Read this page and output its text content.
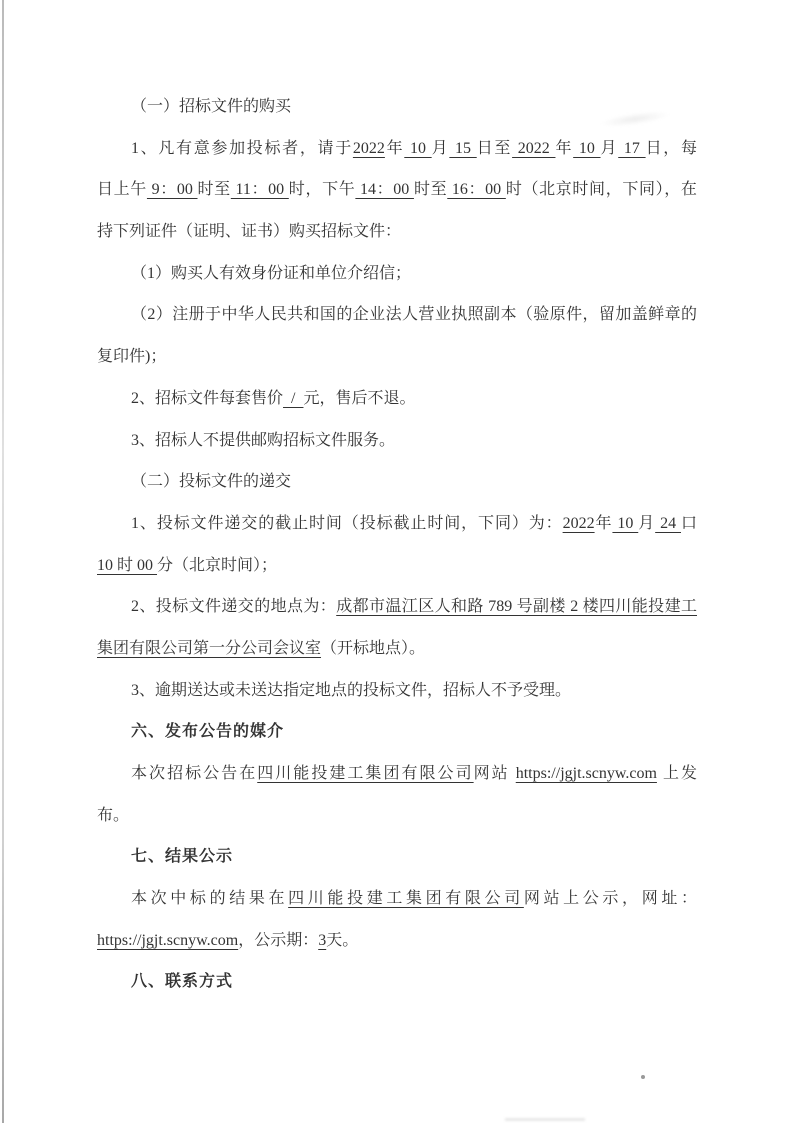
（一）招标文件的购买
1、凡有意参加投标者，请于2022年 10 月 15 日至 2022 年 10 月 17 日，每
日上午 9：00 时至 11：00 时，下午 14：00 时至 16：00 时（北京时间，下同），在
持下列证件（证明、证书）购买招标文件：
（1）购买人有效身份证和单位介绍信；
（2）注册于中华人民共和国的企业法人营业执照副本（验原件，留加盖鲜章的
复印件)；
2、招标文件每套售价  /  元，售后不退。
3、招标人不提供邮购招标文件服务。
（二）投标文件的递交
1、投标文件递交的截止时间（投标截止时间，下同）为：2022年 10 月 24 口
10 时 00 分（北京时间）；
2、投标文件递交的地点为：成都市温江区人和路 789 号副楼 2 楼四川能投建工
集团有限公司第一分公司会议室（开标地点）。
3、逾期送达或未送达指定地点的投标文件，招标人不予受理。
六、发布公告的媒介
本次招标公告在四川能投建工集团有限公司网站 https://jgjt.scnyw.com 上发
布。
七、结果公示
本次中标的结果在四川能投建工集团有限公司网站上公示，网址：
https://jgjt.scnyw.com，公示期：3天。
八、联系方式
